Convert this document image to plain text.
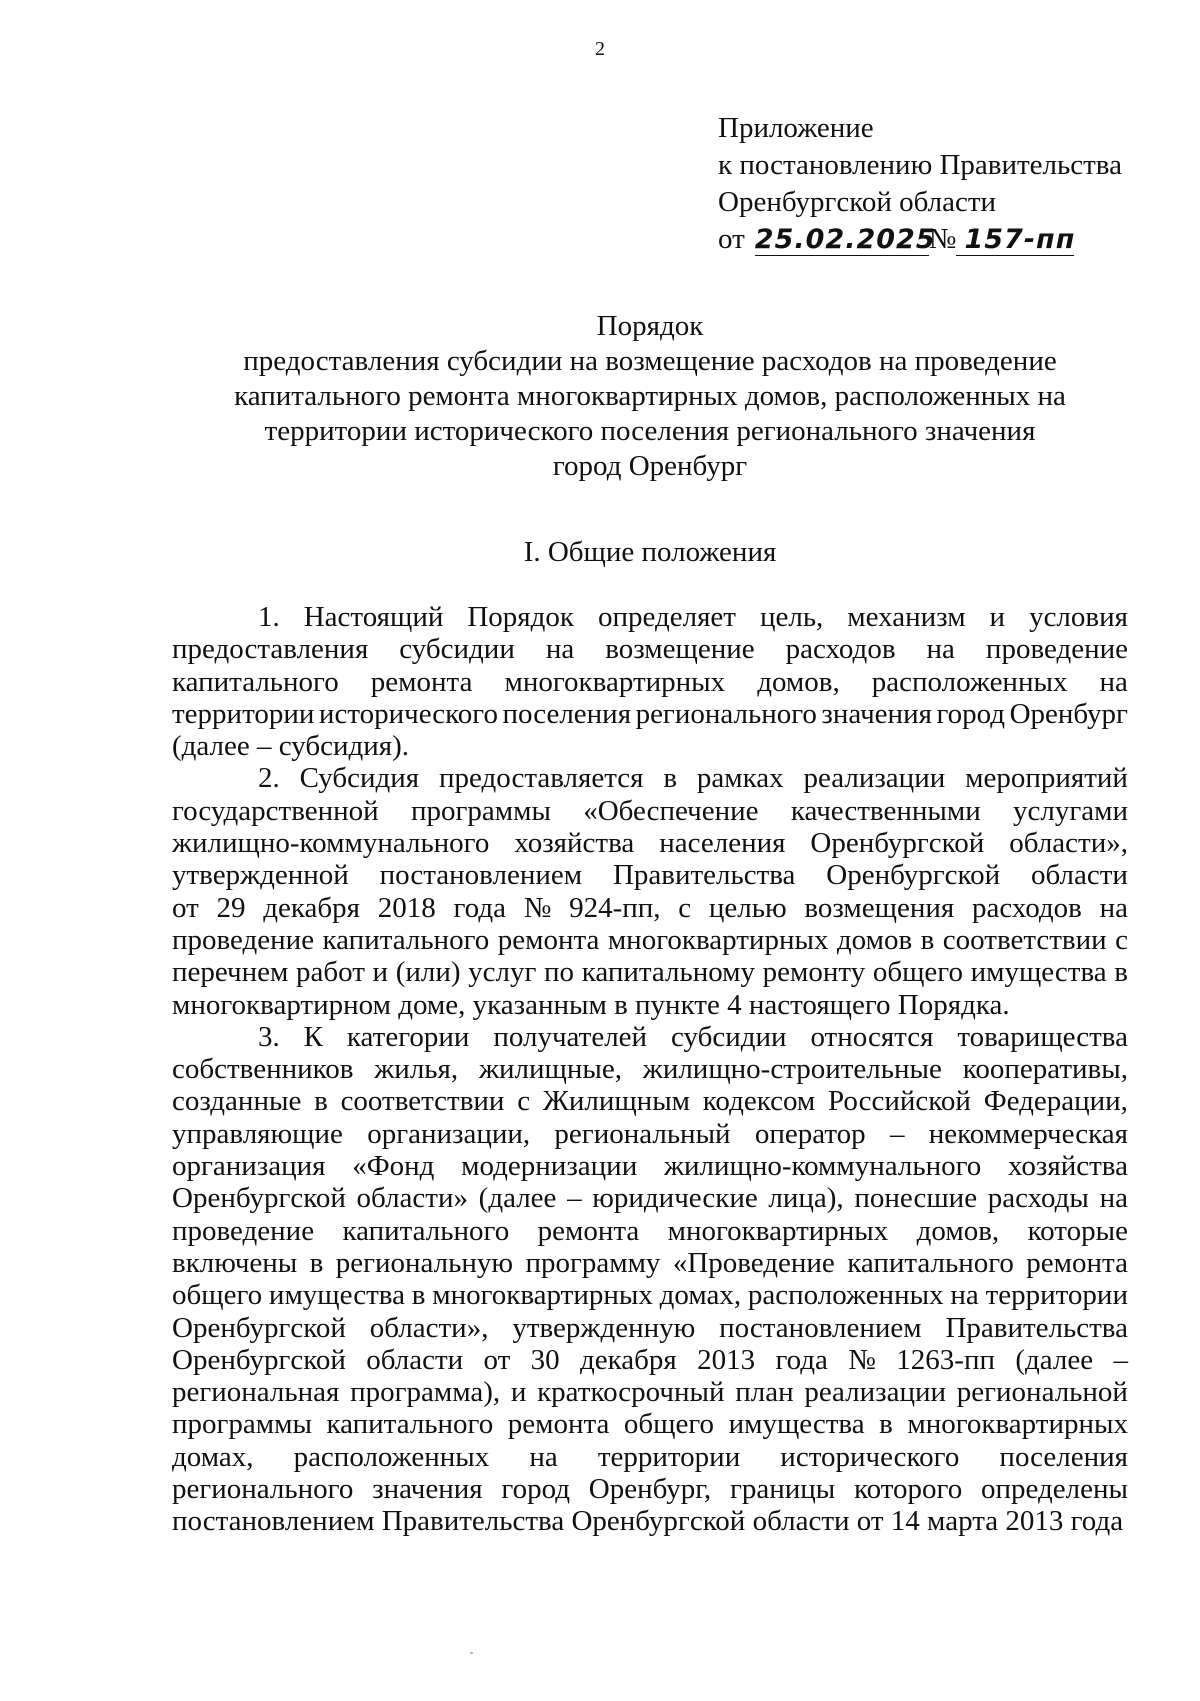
2
Приложение
к постановлению Правительства
Оренбургской области
от 25.02.2025№ 157-пп
Порядок
предоставления субсидии на возмещение расходов на проведение
капитального ремонта многоквартирных домов, расположенных на
территории исторического поселения регионального значения
город Оренбург
I. Общие положения
1. Настоящий Порядок определяет цель, механизм и условия
предоставления субсидии на возмещение расходов на проведение
капитального ремонта многоквартирных домов, расположенных на
территории исторического поселения регионального значения город Оренбург
(далее – субсидия).
2. Субсидия предоставляется в рамках реализации мероприятий
государственной программы «Обеспечение качественными услугами
жилищно-коммунального хозяйства населения Оренбургской области»,
утвержденной постановлением Правительства Оренбургской области
от 29 декабря 2018 года № 924-пп, с целью возмещения расходов на
проведение капитального ремонта многоквартирных домов в соответствии с
перечнем работ и (или) услуг по капитальному ремонту общего имущества в
многоквартирном доме, указанным в пункте 4 настоящего Порядка.
3. К категории получателей субсидии относятся товарищества
собственников жилья, жилищные, жилищно-строительные кооперативы,
созданные в соответствии с Жилищным кодексом Российской Федерации,
управляющие организации, региональный оператор – некоммерческая
организация «Фонд модернизации жилищно-коммунального хозяйства
Оренбургской области» (далее – юридические лица), понесшие расходы на
проведение капитального ремонта многоквартирных домов, которые
включены в региональную программу «Проведение капитального ремонта
общего имущества в многоквартирных домах, расположенных на территории
Оренбургской области», утвержденную постановлением Правительства
Оренбургской области от 30 декабря 2013 года № 1263-пп (далее –
региональная программа), и краткосрочный план реализации региональной
программы капитального ремонта общего имущества в многоквартирных
домах, расположенных на территории исторического поселения
регионального значения город Оренбург, границы которого определены
постановлением Правительства Оренбургской области от 14 марта 2013 года
